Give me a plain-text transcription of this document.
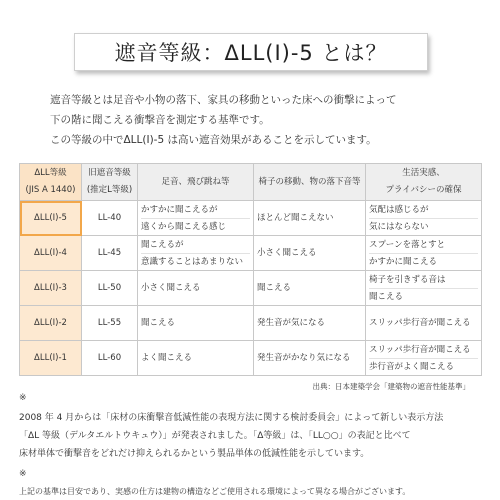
遮音等級：ΔLL(I)-5 とは？

遮音等級とは足音や小物の落下、家具の移動といった床への衝撃によって

下の階に聞こえる衝撃音を測定する基準です。

この等級の中でΔLL(I)-5 は高い遮音効果があることを示しています。

ΔLL等級
(JIS A 1440)	旧遮音等級
(推定L等級)	足音、飛び跳ね等	椅子の移動、物の落下音等	生活実感、
プライバシーの確保

ΔLL(I)-5	LL-40	かすかに聞こえるが
遠くから聞こえる感じ	ほとんど聞こえない	気配は感じるが
気にはならない

ΔLL(I)-4	LL-45	聞こえるが
意識することはあまりない	小さく聞こえる	スプーンを落とすと
かすかに聞こえる

ΔLL(I)-3	LL-50	小さく聞こえる	聞こえる	椅子を引きずる音は
聞こえる

ΔLL(I)-2	LL-55	聞こえる	発生音が気になる	スリッパ歩行音が聞こえる

ΔLL(I)-1	LL-60	よく聞こえる	発生音がかなり気になる	スリッパ歩行音が聞こえる
歩行音がよく聞こえる
出典：日本建築学会「建築物の遮音性能基準」
※

2008 年 4 月からは「床材の床衝撃音低減性能の表現方法に関する検討委員会」によって新しい表示方法

「ΔL 等級（デルタエルトウキュウ）」が発表されました。「Δ等級」は、「LL○○」の表記と比べて

床材単体で衝撃音をどれだけ抑えられるかという製品単体の低減性能を示しています。

※
上記の基準は目安であり、実感の仕方は建物の構造などご使用される環境によって異なる場合がございます。
